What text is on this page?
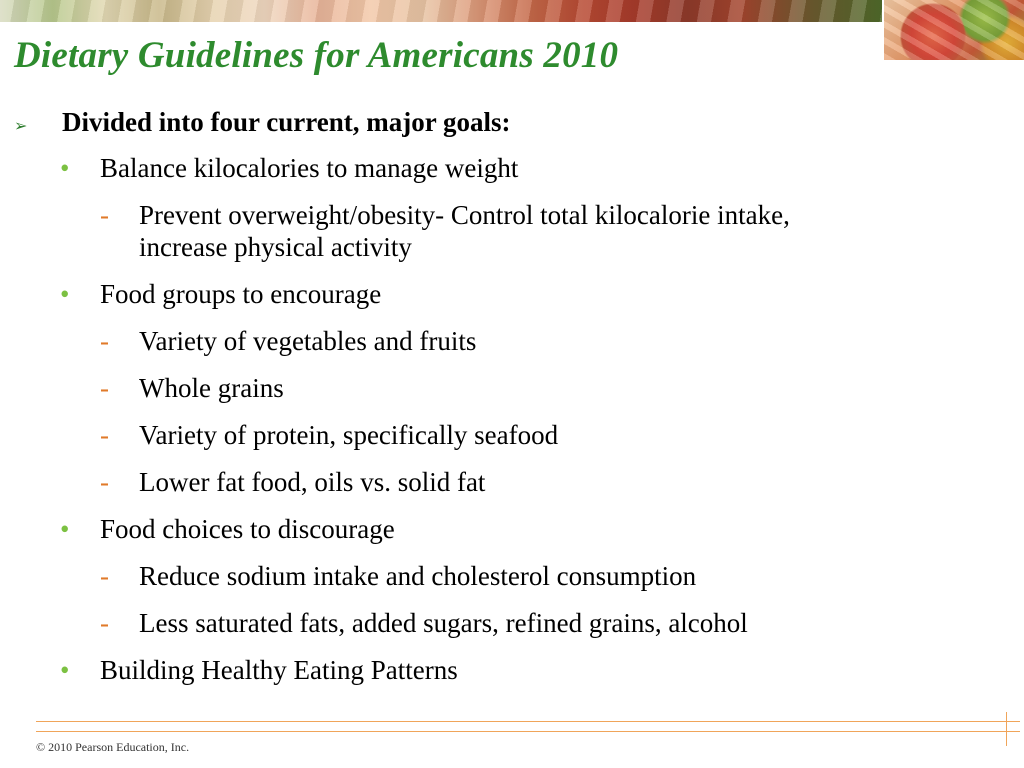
Dietary Guidelines for Americans 2010
➢ Divided into four current, major goals:
• Balance kilocalories to manage weight
- Prevent overweight/obesity- Control total kilocalorie intake,
increase physical activity
• Food groups to encourage
- Variety of vegetables and fruits
- Whole grains
- Variety of protein, specifically seafood
- Lower fat food, oils vs. solid fat
• Food choices to discourage
- Reduce sodium intake and cholesterol consumption
- Less saturated fats, added sugars, refined grains, alcohol
• Building Healthy Eating Patterns
© 2010 Pearson Education, Inc.
